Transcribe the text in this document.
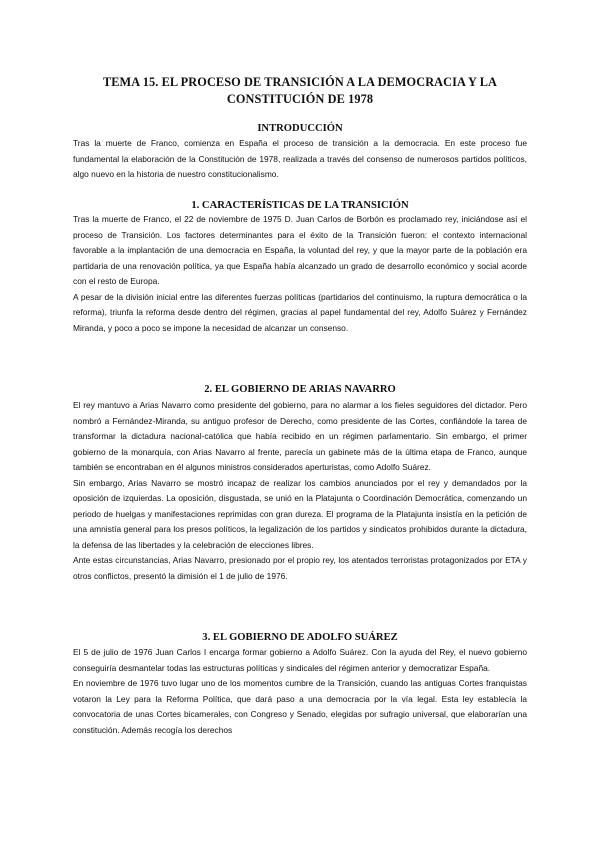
TEMA 15. EL PROCESO DE TRANSICIÓN A LA DEMOCRACIA Y LA
CONSTITUCIÓN DE 1978
INTRODUCCIÓN

Tras la muerte de Franco, comienza en España el proceso de transición a la democracia. En este proceso fue fundamental la elaboración de la Constitución de 1978, realizada a través del consenso de numerosos partidos políticos, algo nuevo en la historia de nuestro constitucionalismo.

1. CARACTERÍSTICAS DE LA TRANSICIÓN

Tras la muerte de Franco, el 22 de noviembre de 1975 D. Juan Carlos de Borbón es proclamado rey, iniciándose así el proceso de Transición. Los factores determinantes para el éxito de la Transición fueron: el contexto internacional favorable a la implantación de una democracia en España, la voluntad del rey, y que la mayor parte de la población era partidaria de una renovación política, ya que España había alcanzado un grado de desarrollo económico y social acorde con el resto de Europa.

A pesar de la división inicial entre las diferentes fuerzas políticas (partidarios del continuismo, la ruptura democrática o la reforma), triunfa la reforma desde dentro del régimen, gracias al papel fundamental del rey, Adolfo Suárez y Fernández Miranda, y poco a poco se impone la necesidad de alcanzar un consenso.

2. EL GOBIERNO DE ARIAS NAVARRO

El rey mantuvo a Arias Navarro como presidente del gobierno, para no alarmar a los fieles seguidores del dictador. Pero nombró a Fernández-Miranda, su antiguo profesor de Derecho, como presidente de las Cortes, confiándole la tarea de transformar la dictadura nacional-católica que había recibido en un régimen parlamentario. Sin embargo, el primer gobierno de la monarquía, con Arias Navarro al frente, parecía un gabinete más de la última etapa de Franco, aunque también se encontraban en él algunos ministros considerados aperturistas, como Adolfo Suárez.

Sin embargo, Arias Navarro se mostró incapaz de realizar los cambios anunciados por el rey y demandados por la oposición de izquierdas. La oposición, disgustada, se unió en la Platajunta o Coordinación Democrática, comenzando un periodo de huelgas y manifestaciones reprimidas con gran dureza. El programa de la Platajunta insistía en la petición de una amnistía general para los presos políticos, la legalización de los partidos y sindicatos prohibidos durante la dictadura, la defensa de las libertades y la celebración de elecciones libres.

Ante estas circunstancias, Arias Navarro, presionado por el propio rey, los atentados terroristas protagonizados por ETA y otros conflictos, presentó la dimisión el 1 de julio de 1976.

3. EL GOBIERNO DE ADOLFO SUÁREZ

El 5 de julio de 1976 Juan Carlos I encarga formar gobierno a Adolfo Suárez. Con la ayuda del Rey, el nuevo gobierno conseguiría desmantelar todas las estructuras políticas y sindicales del régimen anterior y democratizar España.

En noviembre de 1976 tuvo lugar uno de los momentos cumbre de la Transición, cuando las antiguas Cortes franquistas votaron la Ley para la Reforma Política, que dará paso a una democracia por la vía legal. Esta ley establecía la convocatoria de unas Cortes bicamerales, con Congreso y Senado, elegidas por sufragio universal, que elaborarían una constitución. Además recogía los derechos
